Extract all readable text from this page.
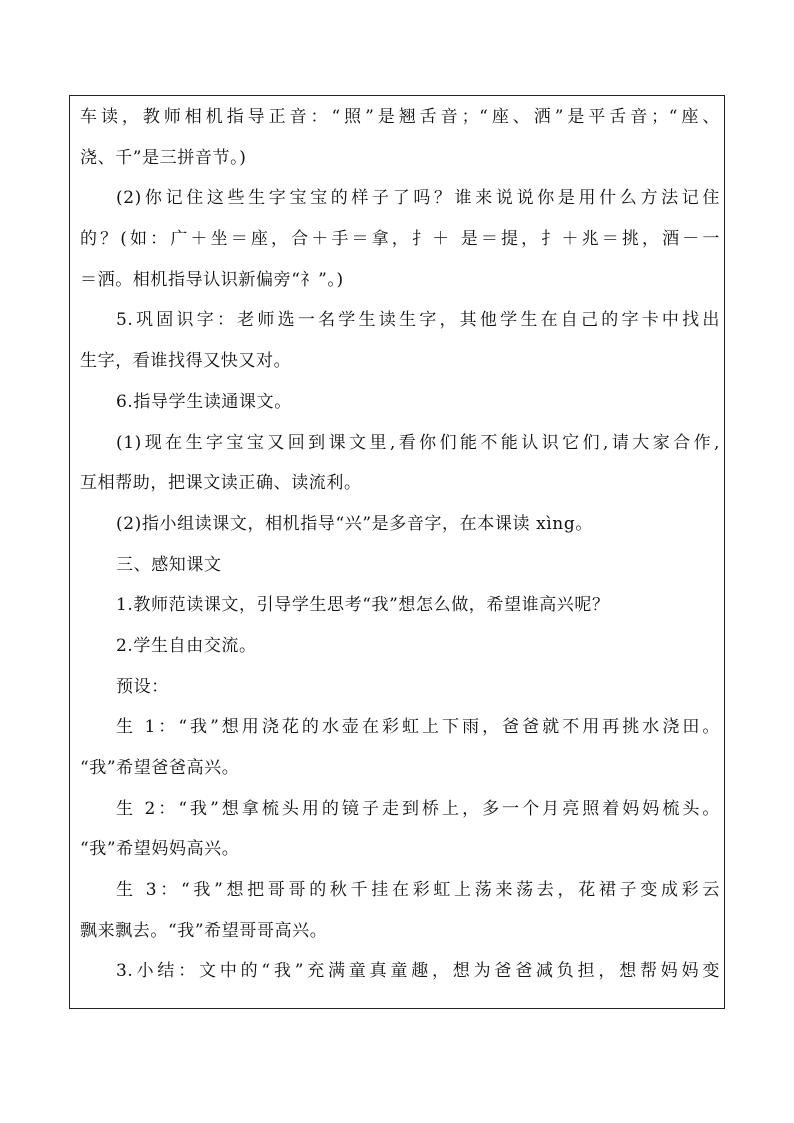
车读，教师相机指导正音：“照”是翘舌音；“座、洒”是平舌音；“座、
浇、千”是三拼音节。)
(2)你记住这些生字宝宝的样子了吗？谁来说说你是用什么方法记住
的？(如：广＋坐＝座，合＋手＝拿，扌＋ 是＝提，扌＋兆＝挑，酒－一
＝洒。相机指导认识新偏旁“礻”。)
5.巩固识字：老师选一名学生读生字，其他学生在自己的字卡中找出
生字，看谁找得又快又对。
6.指导学生读通课文。
(1)现在生字宝宝又回到课文里,看你们能不能认识它们,请大家合作,
互相帮助，把课文读正确、读流利。
(2)指小组读课文，相机指导“兴”是多音字，在本课读 xìng。
三、感知课文
1.教师范读课文，引导学生思考“我”想怎么做，希望谁高兴呢？
2.学生自由交流。
预设：
生 1：“我”想用浇花的水壶在彩虹上下雨，爸爸就不用再挑水浇田。
“我”希望爸爸高兴。
生 2：“我”想拿梳头用的镜子走到桥上，多一个月亮照着妈妈梳头。
“我”希望妈妈高兴。
生 3：“我”想把哥哥的秋千挂在彩虹上荡来荡去，花裙子变成彩云
飘来飘去。“我”希望哥哥高兴。
3.小结：文中的“我”充满童真童趣，想为爸爸减负担，想帮妈妈变
